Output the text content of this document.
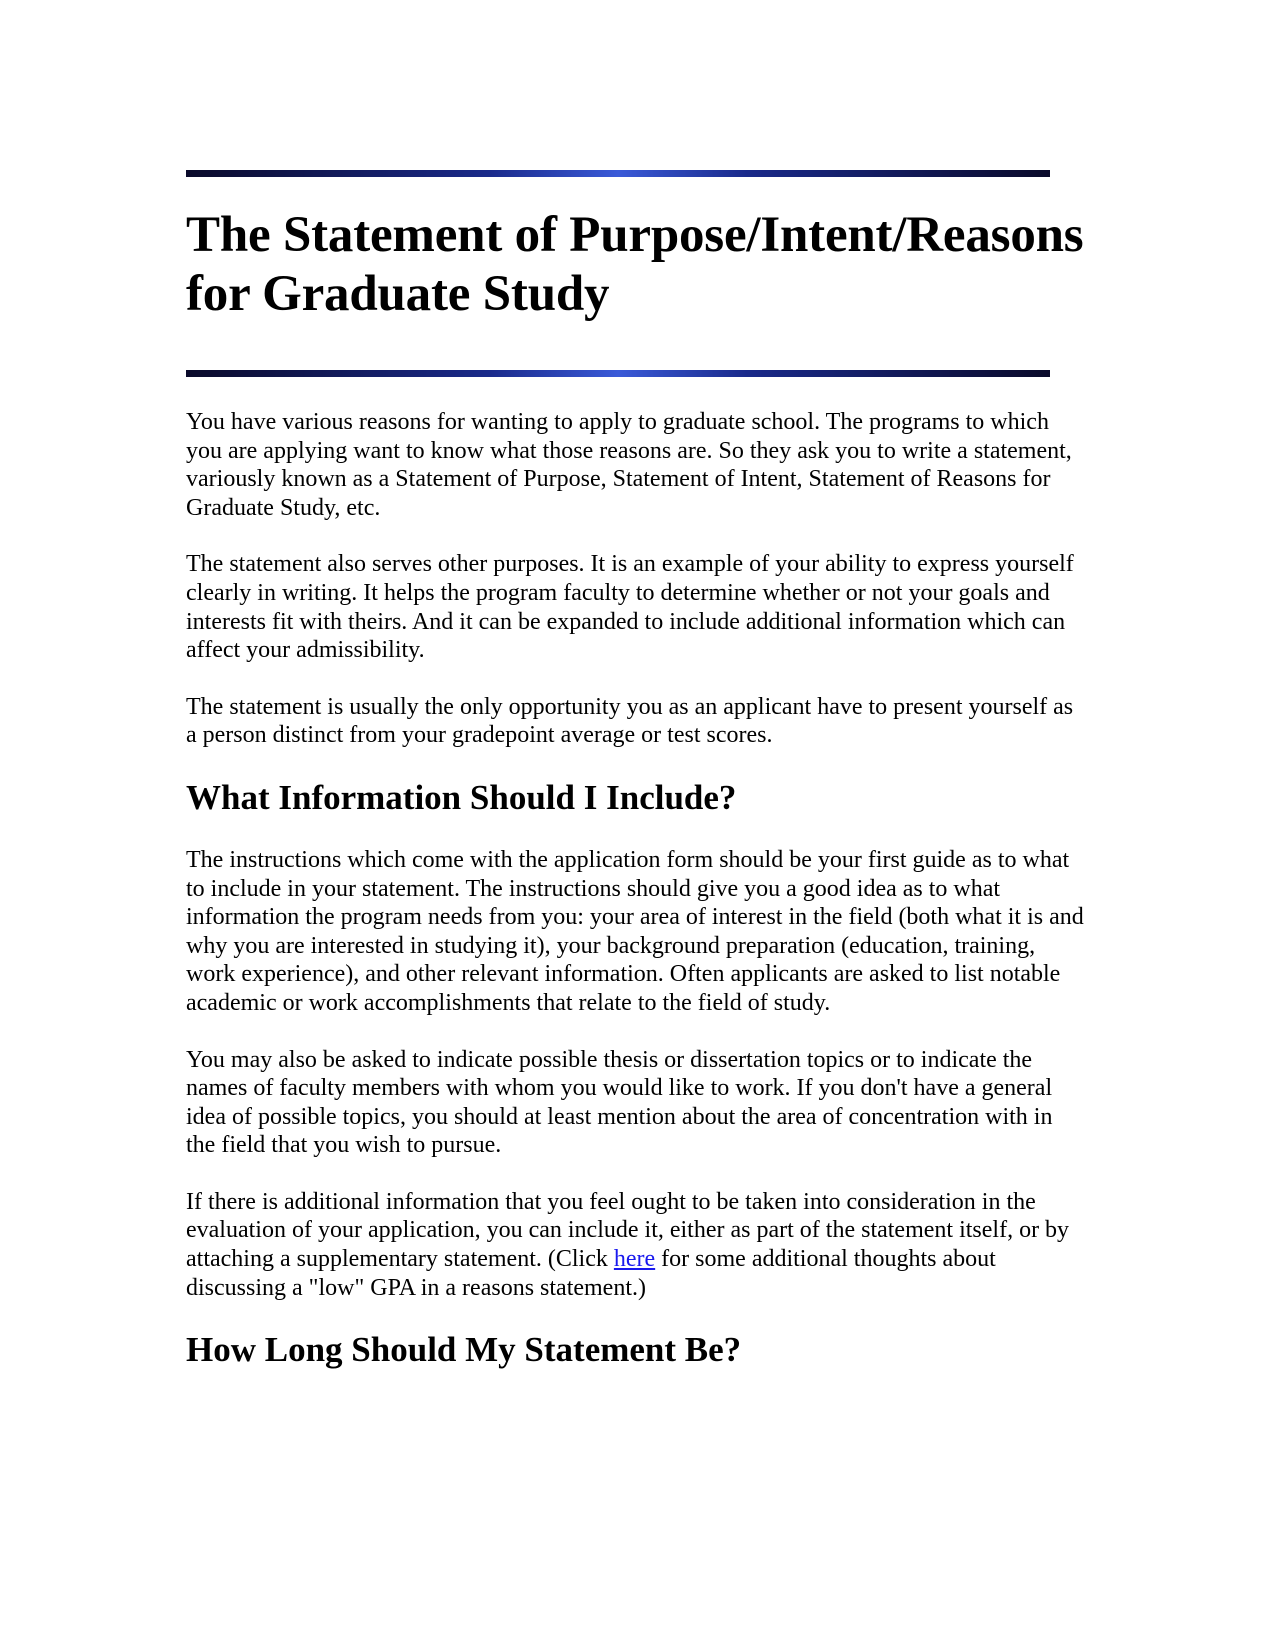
The Statement of Purpose/Intent/Reasons
for Graduate Study

You have various reasons for wanting to apply to graduate school. The programs to which you are applying want to know what those reasons are. So they ask you to write a statement, variously known as a Statement of Purpose, Statement of Intent, Statement of Reasons for Graduate Study, etc.

The statement also serves other purposes. It is an example of your ability to express yourself clearly in writing. It helps the program faculty to determine whether or not your goals and interests fit with theirs. And it can be expanded to include additional information which can affect your admissibility.

The statement is usually the only opportunity you as an applicant have to present yourself as a person distinct from your gradepoint average or test scores.

What Information Should I Include?

The instructions which come with the application form should be your first guide as to what to include in your statement. The instructions should give you a good idea as to what information the program needs from you: your area of interest in the field (both what it is and why you are interested in studying it), your background preparation (education, training, work experience), and other relevant information. Often applicants are asked to list notable academic or work accomplishments that relate to the field of study.

You may also be asked to indicate possible thesis or dissertation topics or to indicate the names of faculty members with whom you would like to work. If you don't have a general idea of possible topics, you should at least mention about the area of concentration with in the field that you wish to pursue.

If there is additional information that you feel ought to be taken into consideration in the evaluation of your application, you can include it, either as part of the statement itself, or by attaching a supplementary statement. (Click here for some additional thoughts about discussing a "low" GPA in a reasons statement.)

How Long Should My Statement Be?
